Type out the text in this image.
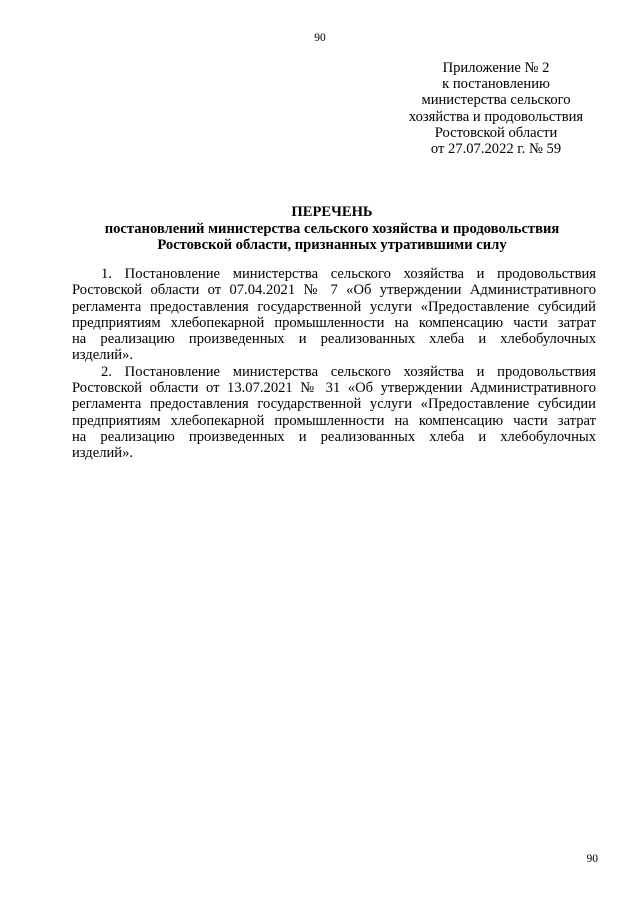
90
Приложение № 2
к постановлению
министерства сельского
хозяйства и продовольствия
Ростовской области
от 27.07.2022 г. № 59
ПЕРЕЧЕНЬ
постановлений министерства сельского хозяйства и продовольствия
Ростовской области, признанных утратившими силу
1. Постановление министерства сельского хозяйства и продовольствия
Ростовской области от 07.04.2021 № 7 «Об утверждении Административного
регламента предоставления государственной услуги «Предоставление субсидий
предприятиям хлебопекарной промышленности на компенсацию части затрат
на реализацию произведенных и реализованных хлеба и хлебобулочных
изделий».
2. Постановление министерства сельского хозяйства и продовольствия
Ростовской области от 13.07.2021 № 31 «Об утверждении Административного
регламента предоставления государственной услуги «Предоставление субсидии
предприятиям хлебопекарной промышленности на компенсацию части затрат
на реализацию произведенных и реализованных хлеба и хлебобулочных
изделий».
90
